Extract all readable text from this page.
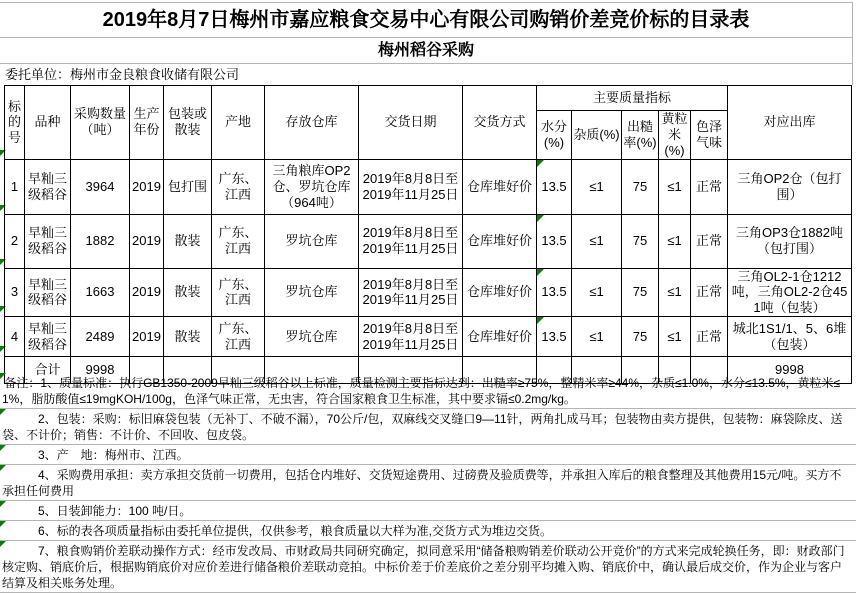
2019年8月7日梅州市嘉应粮食交易中心有限公司购销价差竞价标的目录表
梅州稻谷采购
委托单位：梅州市金良粮食收储有限公司
标的号	品种	采购数量（吨）	生产年份	包装或散装	产地	存放仓库	交货日期	交货方式	主要质量指标					对应出库
									水分(%)	杂质(%)	出糙率(%)	黄粒米(%)	色泽气味	
1	早籼三级稻谷	3964	2019	包打围	广东、江西	三角粮库OP2仓、罗坑仓库（964吨）	2019年8月8日至2019年11月25日	仓库堆好价	13.5	≤1	75	≤1	正常	三角OP2仓（包打围）
2	早籼三级稻谷	1882	2019	散装	广东、江西	罗坑仓库	2019年8月8日至2019年11月25日	仓库堆好价	13.5	≤1	75	≤1	正常	三角OP3仓1882吨（包打围）
3	早籼三级稻谷	1663	2019	散装	广东、江西	罗坑仓库	2019年8月8日至2019年11月25日	仓库堆好价	13.5	≤1	75	≤1	正常	三角OL2-1仓1212吨，三角OL2-2仓451吨（包装）
4	早籼三级稻谷	2489	2019	散装	广东、江西	罗坑仓库	2019年8月8日至2019年11月25日	仓库堆好价	13.5	≤1	75	≤1	正常	城北1S1/1、5、6堆（包装）
	合计	9998												9998
备注：1、质量标准：执行GB1350-2009早籼三级稻谷以上标准，质量检测主要指标达到：出糙率≥75%，整精米率≥44%，杂质≤1.0%，水分≤13.5%，黄粒米≤1%，脂肪酸值≤19mgKOH/100g，色泽气味正常，无虫害，符合国家粮食卫生标准，其中要求镉≤0.2mg/kg。
2、包装：采购：标旧麻袋包装（无补丁、不破不漏），70公斤/包，双麻线交叉缝口9—11针，两角扎成马耳；包装物由卖方提供，包装物：麻袋除皮、送袋、不计价；销售：不计价、不回收、包皮袋。
3、产　地：梅州市、江西。
4、采购费用承担：卖方承担交货前一切费用，包括仓内堆好、交货短途费用、过磅费及验质费等，并承担入库后的粮食整理及其他费用15元/吨。买方不承担任何费用
5、日装卸能力：100 吨/日。
6、标的表各项质量指标由委托单位提供，仅供参考，粮食质量以大样为准,交货方式为堆边交货。
7、粮食购销价差联动操作方式：经市发改局、市财政局共同研究确定，拟同意采用“储备粮购销差价联动公开竞价”的方式来完成轮换任务，即：财政部门核定购、销底价后，根据购销底价对应价差进行储备粮价差联动竞拍。中标价差于价差底价之差分别平均摊入购、销底价中，确认最后成交价，作为企业与客户结算及相关账务处理。
